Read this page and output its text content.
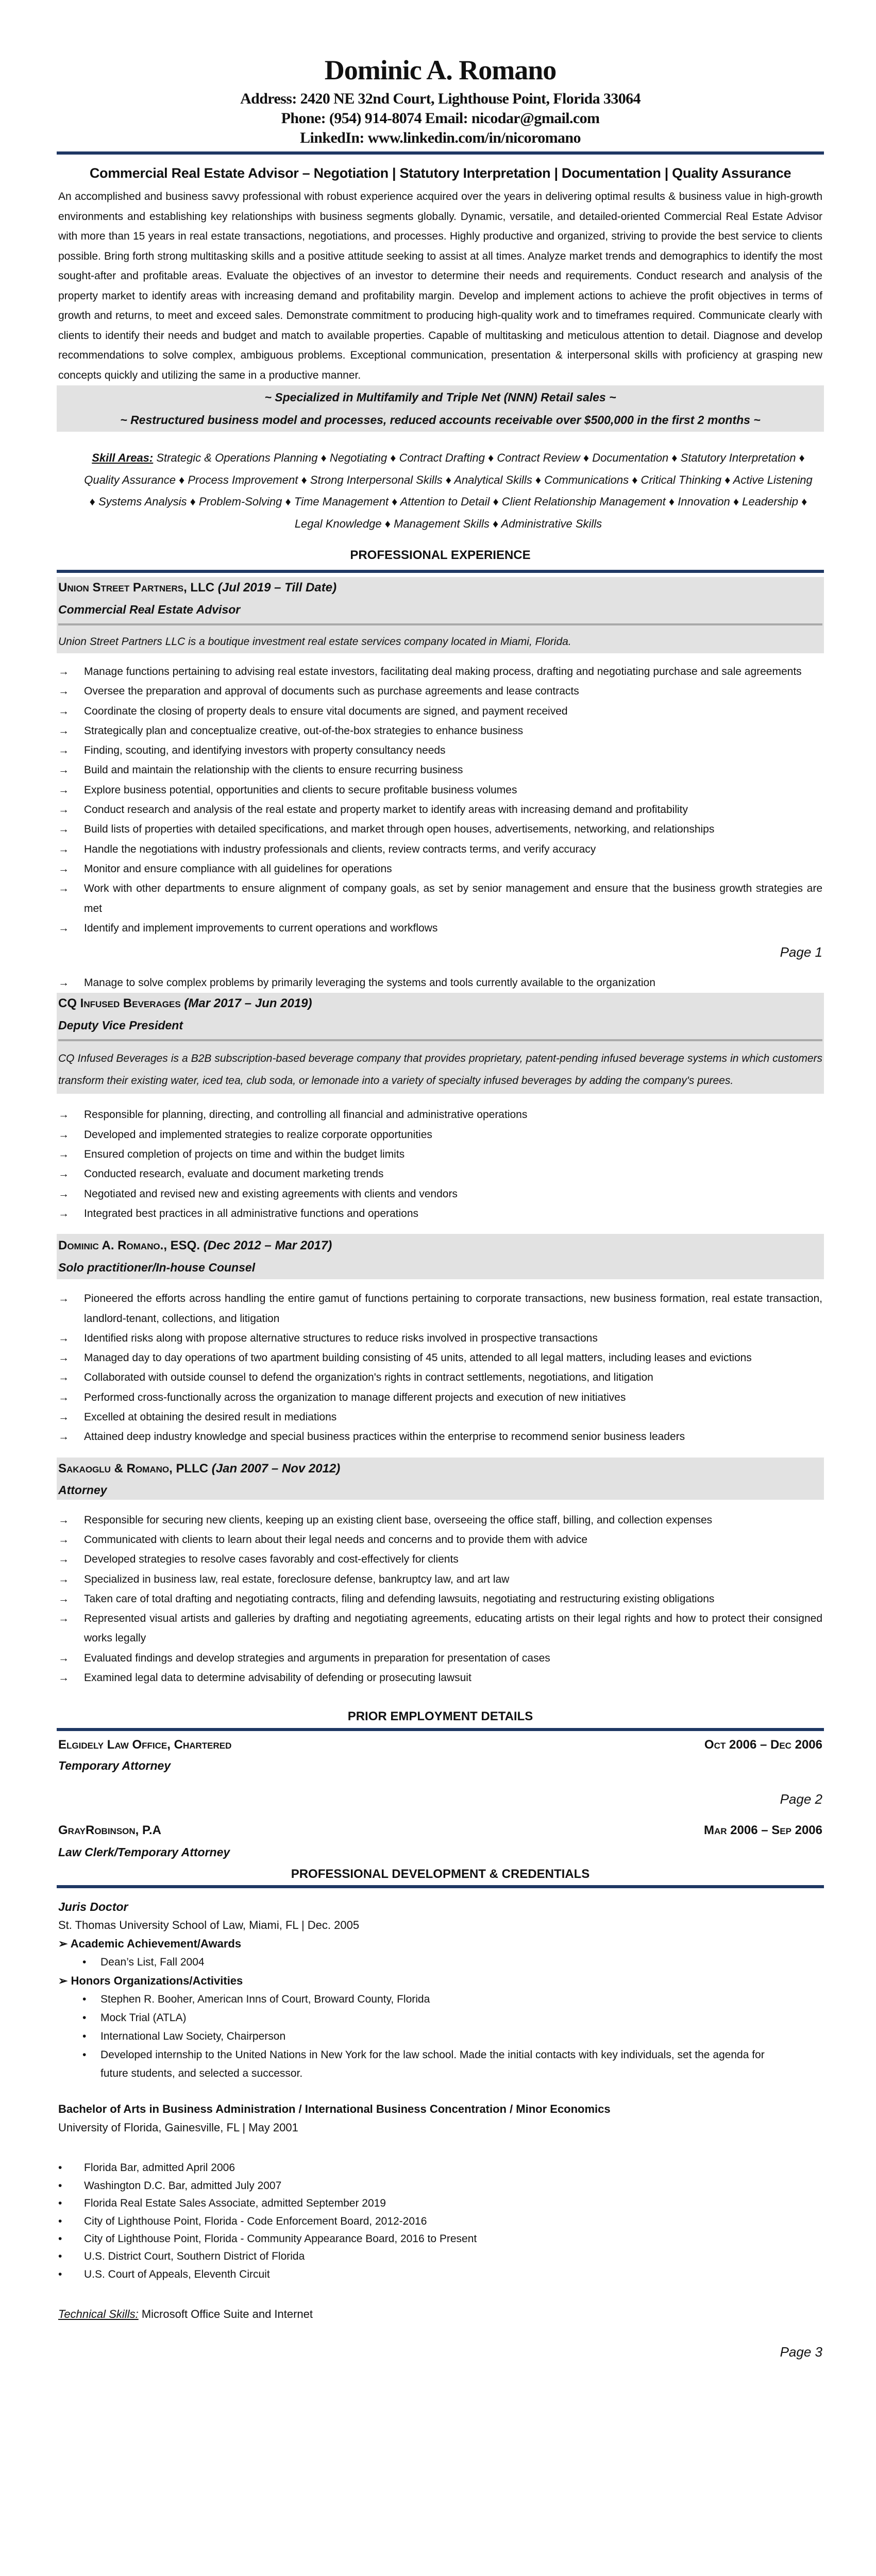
Dominic A. Romano
Address: 2420 NE 32nd Court, Lighthouse Point, Florida 33064
Phone: (954) 914-8074 Email: nicodar@gmail.com
LinkedIn: www.linkedin.com/in/nicoromano
Commercial Real Estate Advisor – Negotiation | Statutory Interpretation | Documentation | Quality Assurance
An accomplished and business savvy professional with robust experience acquired over the years in delivering optimal results & business value in high-growth environments and establishing key relationships with business segments globally. Dynamic, versatile, and detailed-oriented Commercial Real Estate Advisor with more than 15 years in real estate transactions, negotiations, and processes. Highly productive and organized, striving to provide the best service to clients possible. Bring forth strong multitasking skills and a positive attitude seeking to assist at all times. Analyze market trends and demographics to identify the most sought-after and profitable areas. Evaluate the objectives of an investor to determine their needs and requirements. Conduct research and analysis of the property market to identify areas with increasing demand and profitability margin. Develop and implement actions to achieve the profit objectives in terms of growth and returns, to meet and exceed sales. Demonstrate commitment to producing high-quality work and to timeframes required. Communicate clearly with clients to identify their needs and budget and match to available properties. Capable of multitasking and meticulous attention to detail. Diagnose and develop recommendations to solve complex, ambiguous problems. Exceptional communication, presentation & interpersonal skills with proficiency at grasping new concepts quickly and utilizing the same in a productive manner.
~ Specialized in Multifamily and Triple Net (NNN) Retail sales ~
~ Restructured business model and processes, reduced accounts receivable over $500,000 in the first 2 months ~
Skill Areas: Strategic & Operations Planning ♦ Negotiating ♦ Contract Drafting ♦ Contract Review ♦ Documentation ♦ Statutory Interpretation ♦ Quality Assurance ♦ Process Improvement ♦ Strong Interpersonal Skills ♦ Analytical Skills ♦ Communications ♦ Critical Thinking ♦ Active Listening ♦ Systems Analysis ♦ Problem-Solving ♦ Time Management ♦ Attention to Detail ♦ Client Relationship Management ♦ Innovation ♦ Leadership ♦ Legal Knowledge ♦ Management Skills ♦ Administrative Skills
PROFESSIONAL EXPERIENCE
Union Street Partners, LLC (Jul 2019 – Till Date)
Commercial Real Estate Advisor
Union Street Partners LLC is a boutique investment real estate services company located in Miami, Florida.
→ Manage functions pertaining to advising real estate investors, facilitating deal making process, drafting and negotiating purchase and sale agreements
→ Oversee the preparation and approval of documents such as purchase agreements and lease contracts
→ Coordinate the closing of property deals to ensure vital documents are signed, and payment received
→ Strategically plan and conceptualize creative, out-of-the-box strategies to enhance business
→ Finding, scouting, and identifying investors with property consultancy needs
→ Build and maintain the relationship with the clients to ensure recurring business
→ Explore business potential, opportunities and clients to secure profitable business volumes
→ Conduct research and analysis of the real estate and property market to identify areas with increasing demand and profitability
→ Build lists of properties with detailed specifications, and market through open houses, advertisements, networking, and relationships
→ Handle the negotiations with industry professionals and clients, review contracts terms, and verify accuracy
→ Monitor and ensure compliance with all guidelines for operations
→ Work with other departments to ensure alignment of company goals, as set by senior management and ensure that the business growth strategies are met
→ Identify and implement improvements to current operations and workflows
Page 1
→ Manage to solve complex problems by primarily leveraging the systems and tools currently available to the organization
CQ Infused Beverages (Mar 2017 – Jun 2019)
Deputy Vice President
CQ Infused Beverages is a B2B subscription-based beverage company that provides proprietary, patent-pending infused beverage systems in which customers transform their existing water, iced tea, club soda, or lemonade into a variety of specialty infused beverages by adding the company's purees.
→ Responsible for planning, directing, and controlling all financial and administrative operations
→ Developed and implemented strategies to realize corporate opportunities
→ Ensured completion of projects on time and within the budget limits
→ Conducted research, evaluate and document marketing trends
→ Negotiated and revised new and existing agreements with clients and vendors
→ Integrated best practices in all administrative functions and operations
Dominic A. Romano., ESQ. (Dec 2012 – Mar 2017)
Solo practitioner/In-house Counsel
→ Pioneered the efforts across handling the entire gamut of functions pertaining to corporate transactions, new business formation, real estate transaction, landlord-tenant, collections, and litigation
→ Identified risks along with propose alternative structures to reduce risks involved in prospective transactions
→ Managed day to day operations of two apartment building consisting of 45 units, attended to all legal matters, including leases and evictions
→ Collaborated with outside counsel to defend the organization's rights in contract settlements, negotiations, and litigation
→ Performed cross-functionally across the organization to manage different projects and execution of new initiatives
→ Excelled at obtaining the desired result in mediations
→ Attained deep industry knowledge and special business practices within the enterprise to recommend senior business leaders
Sakaoglu & Romano, PLLC (Jan 2007 – Nov 2012)
Attorney
→ Responsible for securing new clients, keeping up an existing client base, overseeing the office staff, billing, and collection expenses
→ Communicated with clients to learn about their legal needs and concerns and to provide them with advice
→ Developed strategies to resolve cases favorably and cost-effectively for clients
→ Specialized in business law, real estate, foreclosure defense, bankruptcy law, and art law
→ Taken care of total drafting and negotiating contracts, filing and defending lawsuits, negotiating and restructuring existing obligations
→ Represented visual artists and galleries by drafting and negotiating agreements, educating artists on their legal rights and how to protect their consigned works legally
→ Evaluated findings and develop strategies and arguments in preparation for presentation of cases
→ Examined legal data to determine advisability of defending or prosecuting lawsuit
PRIOR EMPLOYMENT DETAILS
Elgidely Law Office, Chartered	Oct 2006 – Dec 2006
Temporary Attorney
Page 2
GrayRobinson, P.A	Mar 2006 – Sep 2006
Law Clerk/Temporary Attorney
PROFESSIONAL DEVELOPMENT & CREDENTIALS
Juris Doctor
St. Thomas University School of Law, Miami, FL | Dec. 2005
➢ Academic Achievement/Awards
• Dean’s List, Fall 2004
➢ Honors Organizations/Activities
• Stephen R. Booher, American Inns of Court, Broward County, Florida
• Mock Trial (ATLA)
• International Law Society, Chairperson
• Developed internship to the United Nations in New York for the law school. Made the initial contacts with key individuals, set the agenda for future students, and selected a successor.
Bachelor of Arts in Business Administration / International Business Concentration / Minor Economics
University of Florida, Gainesville, FL | May 2001
• Florida Bar, admitted April 2006
• Washington D.C. Bar, admitted July 2007
• Florida Real Estate Sales Associate, admitted September 2019
• City of Lighthouse Point, Florida - Code Enforcement Board, 2012-2016
• City of Lighthouse Point, Florida - Community Appearance Board, 2016 to Present
• U.S. District Court, Southern District of Florida
• U.S. Court of Appeals, Eleventh Circuit
Technical Skills: Microsoft Office Suite and Internet
Page 3
